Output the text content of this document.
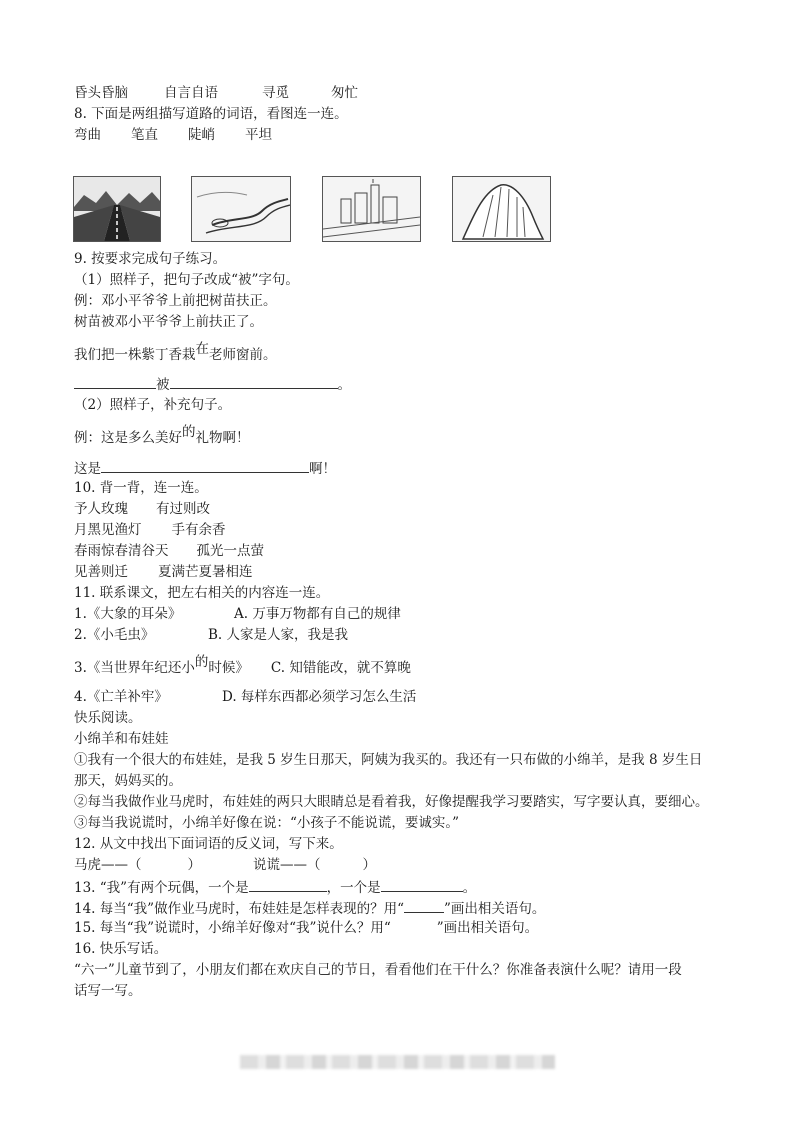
昏头昏脑	自言自语	寻觅	匆忙
8. 下面是两组描写道路的词语，看图连一连。
弯曲 笔直 陡峭 平坦
9. 按要求完成句子练习。
（1）照样子，把句子改成“被”字句。
例：邓小平爷爷上前把树苗扶正。
树苗被邓小平爷爷上前扶正了。
我们把一株紫丁香栽在老师窗前。
被	。
（2）照样子，补充句子。
例：这是多么美好的礼物啊！
这是	啊！
10. 背一背，连一连。
予人玫瑰 有过则改
月黑见渔灯 手有余香
春雨惊春清谷天 孤光一点萤
见善则迁 夏满芒夏暑相连
11. 联系课文，把左右相关的内容连一连。
1.《大象的耳朵》	A. 万事万物都有自己的规律
2.《小毛虫》	B. 人家是人家，我是我
3.《当世界年纪还小的时候》 C. 知错能改，就不算晚
4.《亡羊补牢》	D. 每样东西都必须学习怎么生活
快乐阅读。
小绵羊和布娃娃
①我有一个很大的布娃娃，是我 5 岁生日那天，阿姨为我买的。我还有一只布做的小绵羊，是我 8 岁生日
那天，妈妈买的。
②每当我做作业马虎时，布娃娃的两只大眼睛总是看着我，好像提醒我学习要踏实，写字要认真，要细心。
③每当我说谎时，小绵羊好像在说：“小孩子不能说谎，要诚实。”
12. 从文中找出下面词语的反义词，写下来。
马虎——（	）	说谎——（	）
13. “我”有两个玩偶，一个是	，一个是	。
14. 每当“我”做作业马虎时，布娃娃是怎样表现的？用“	”画出相关语句。
15. 每当“我”说谎时，小绵羊好像对“我”说什么？用“	”画出相关语句。
16. 快乐写话。
“六一”儿童节到了，小朋友们都在欢庆自己的节日，看看他们在干什么？你准备表演什么呢？请用一段
话写一写。
